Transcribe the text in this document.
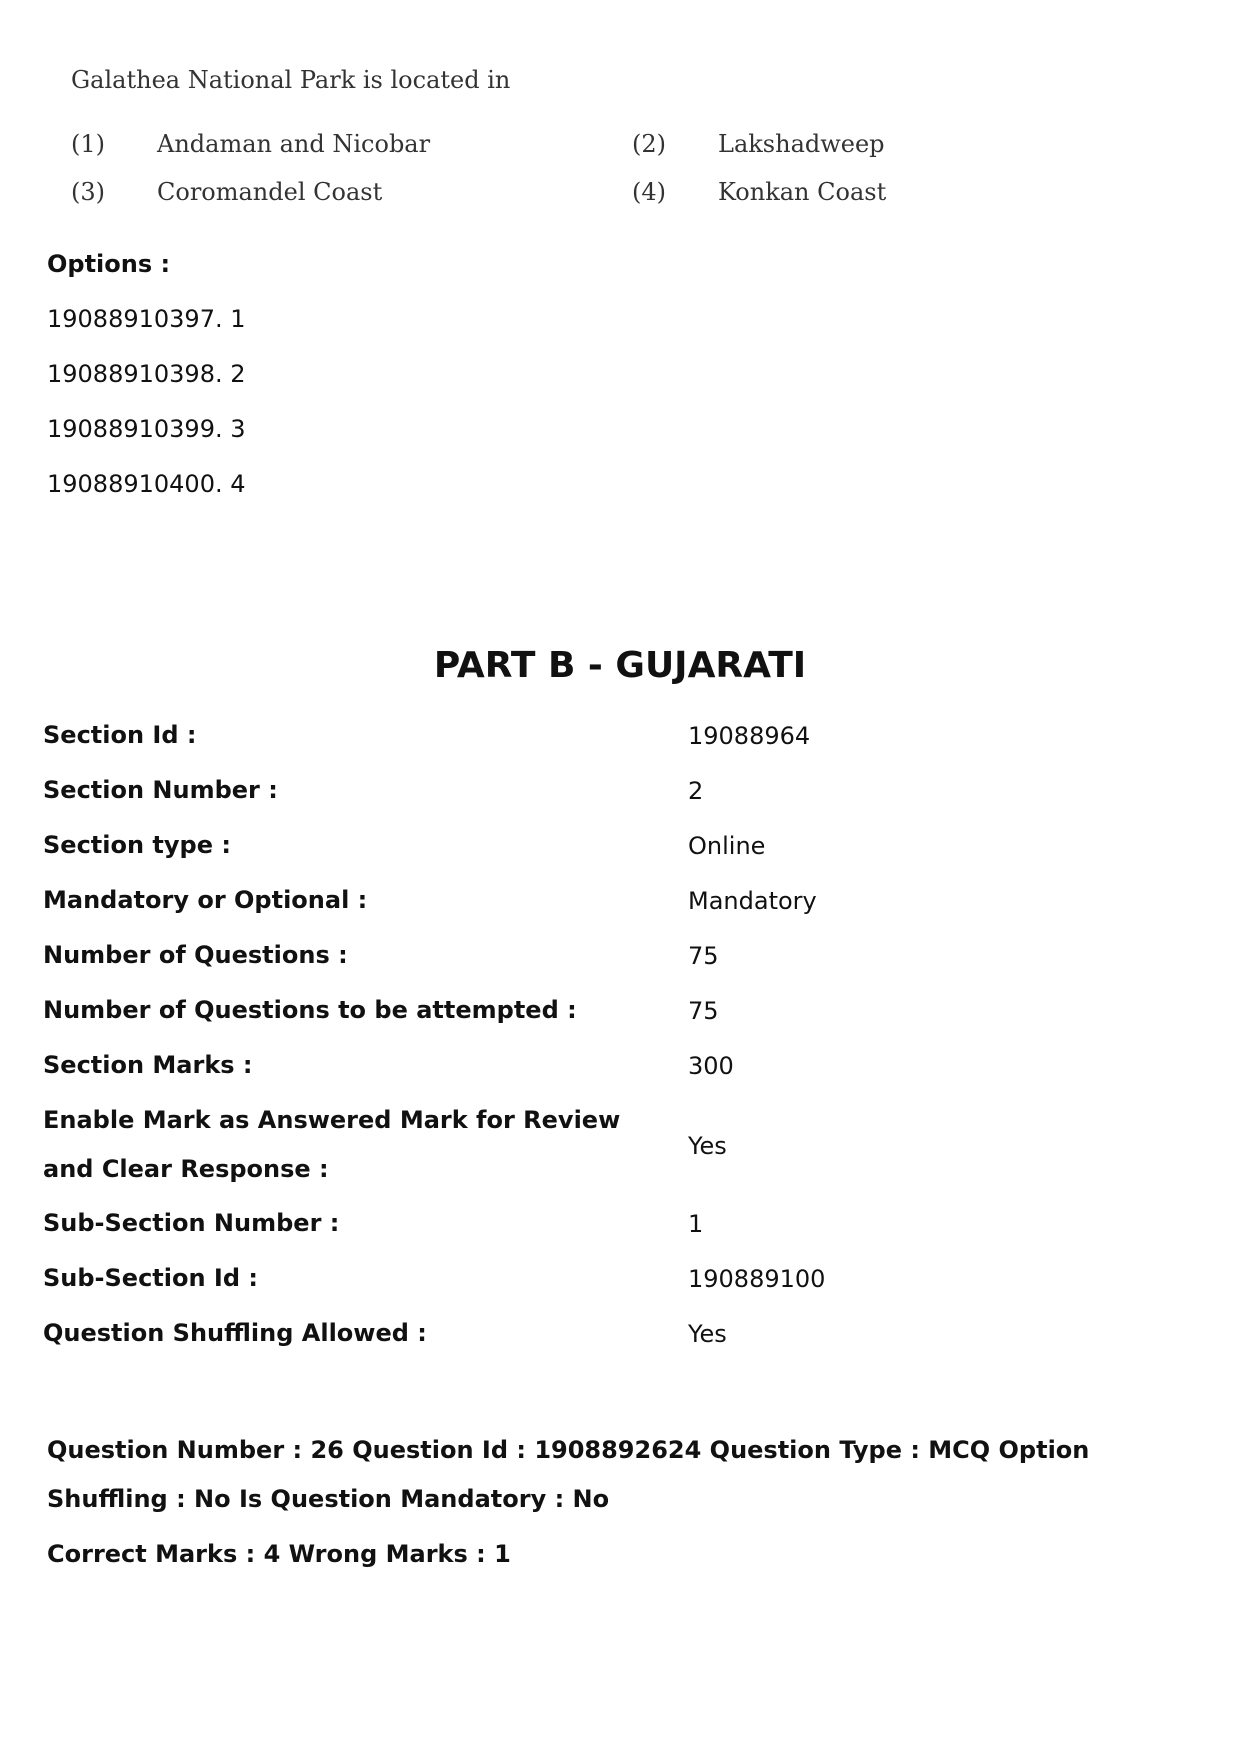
Galathea National Park is located in
(1) Andaman and Nicobar	(2) Lakshadweep
(3) Coromandel Coast	(4) Konkan Coast
Options :
19088910397. 1
19088910398. 2
19088910399. 3
19088910400. 4
PART B - GUJARATI
Section Id :	19088964
Section Number :	2
Section type :	Online
Mandatory or Optional :	Mandatory
Number of Questions :	75
Number of Questions to be attempted :	75
Section Marks :	300
Enable Mark as Answered Mark for Review and Clear Response :
Yes
Sub-Section Number :	1
Sub-Section Id :	190889100
Question Shuffling Allowed :	Yes
Question Number : 26 Question Id : 1908892624 Question Type : MCQ Option Shuffling : No Is Question Mandatory : No
Correct Marks : 4 Wrong Marks : 1
